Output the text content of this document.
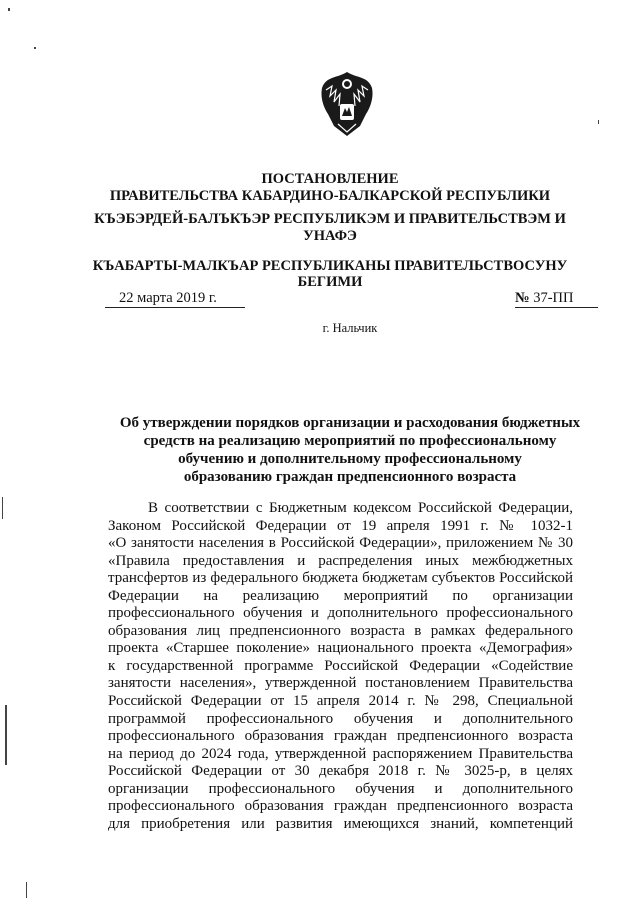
ПОСТАНОВЛЕНИЕ
ПРАВИТЕЛЬСТВА КАБАРДИНО-БАЛКАРСКОЙ РЕСПУБЛИКИ
КЪЭБЭРДЕЙ-БАЛЪКЪЭР РЕСПУБЛИКЭМ И ПРАВИТЕЛЬСТВЭМ И
УНАФЭ
КЪАБАРТЫ-МАЛКЪАР РЕСПУБЛИКАНЫ ПРАВИТЕЛЬСТВОСУНУ
БЕГИМИ
22 марта 2019 г.	№ 37-ПП
г. Нальчик
Об утверждении порядков организации и расходования бюджетных
средств на реализацию мероприятий по профессиональному
обучению и дополнительному профессиональному
образованию граждан предпенсионного возраста
В соответствии с Бюджетным кодексом Российской Федерации,
Законом Российской Федерации от 19 апреля 1991 г. № 1032-1
«О занятости населения в Российской Федерации», приложением № 30
«Правила предоставления и распределения иных межбюджетных
трансфертов из федерального бюджета бюджетам субъектов Российской
Федерации на реализацию мероприятий по организации
профессионального обучения и дополнительного профессионального
образования лиц предпенсионного возраста в рамках федерального
проекта «Старшее поколение» национального проекта «Демография»
к государственной программе Российской Федерации «Содействие
занятости населения», утвержденной постановлением Правительства
Российской Федерации от 15 апреля 2014 г. № 298, Специальной
программой профессионального обучения и дополнительного
профессионального образования граждан предпенсионного возраста
на период до 2024 года, утвержденной распоряжением Правительства
Российской Федерации от 30 декабря 2018 г. № 3025-р, в целях
организации профессионального обучения и дополнительного
профессионального образования граждан предпенсионного возраста
для приобретения или развития имеющихся знаний, компетенций
